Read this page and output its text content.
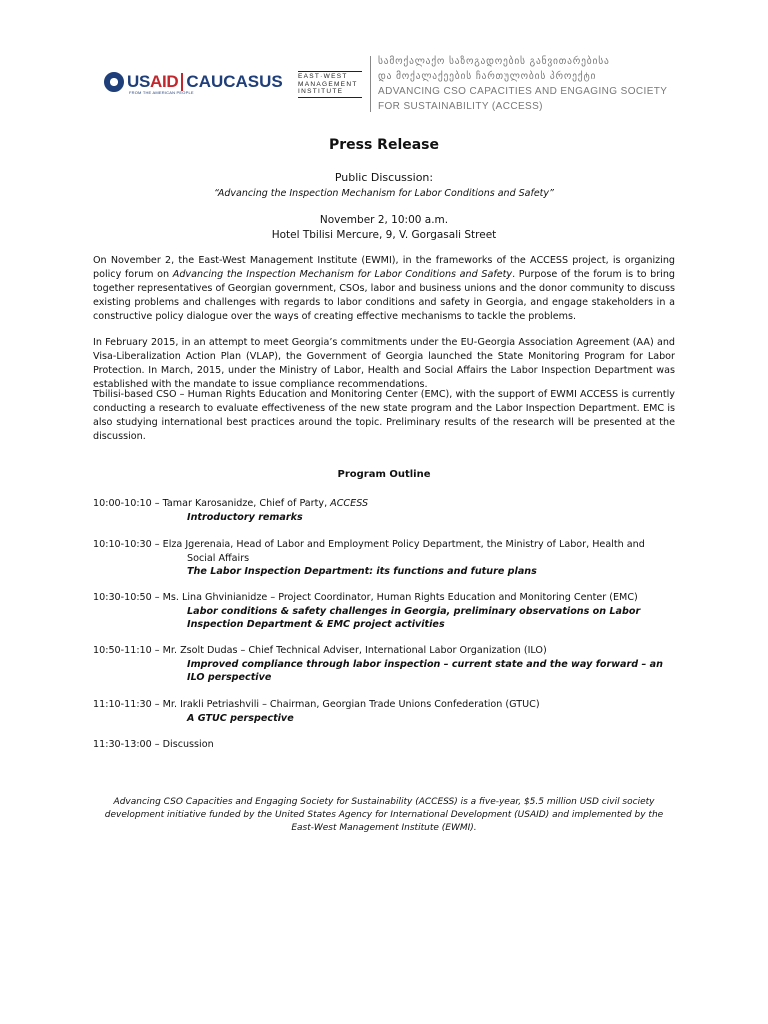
USAID CAUCASUS
FROM THE AMERICAN PEOPLE
EAST·WEST
MANAGEMENT
INSTITUTE
სამოქალაქო საზოგადოების განვითარებისა
და მოქალაქეების ჩართულობის პროექტი
ADVANCING CSO CAPACITIES AND ENGAGING SOCIETY
FOR SUSTAINABILITY (ACCESS)
Press Release
Public Discussion:
“Advancing the Inspection Mechanism for Labor Conditions and Safety”
November 2, 10:00 a.m.
Hotel Tbilisi Mercure, 9, V. Gorgasali Street
On November 2, the East-West Management Institute (EWMI), in the frameworks of the ACCESS project, is organizing policy forum on Advancing the Inspection Mechanism for Labor Conditions and Safety. Purpose of the forum is to bring together representatives of Georgian government, CSOs, labor and business unions and the donor community to discuss existing problems and challenges with regards to labor conditions and safety in Georgia, and engage stakeholders in a constructive policy dialogue over the ways of creating effective mechanisms to tackle the problems.
In February 2015, in an attempt to meet Georgia’s commitments under the EU-Georgia Association Agreement (AA) and Visa-Liberalization Action Plan (VLAP), the Government of Georgia launched the State Monitoring Program for Labor Protection. In March, 2015, under the Ministry of Labor, Health and Social Affairs the Labor Inspection Department was established with the mandate to issue compliance recommendations.
Tbilisi-based CSO – Human Rights Education and Monitoring Center (EMC), with the support of EWMI ACCESS is currently conducting a research to evaluate effectiveness of the new state program and the Labor Inspection Department. EMC is also studying international best practices around the topic. Preliminary results of the research will be presented at the discussion.
Program Outline
10:00-10:10 – Tamar Karosanidze, Chief of Party, ACCESS
Introductory remarks
10:10-10:30 – Elza Jgerenaia, Head of Labor and Employment Policy Department, the Ministry of Labor, Health and
Social Affairs
The Labor Inspection Department: its functions and future plans
10:30-10:50 – Ms. Lina Ghvinianidze – Project Coordinator, Human Rights Education and Monitoring Center (EMC)
Labor conditions & safety challenges in Georgia, preliminary observations on Labor
Inspection Department & EMC project activities
10:50-11:10 – Mr. Zsolt Dudas – Chief Technical Adviser, International Labor Organization (ILO)
Improved compliance through labor inspection – current state and the way forward – an
ILO perspective
11:10-11:30 – Mr. Irakli Petriashvili – Chairman, Georgian Trade Unions Confederation (GTUC)
A GTUC perspective
11:30-13:00 – Discussion
Advancing CSO Capacities and Engaging Society for Sustainability (ACCESS) is a five-year, $5.5 million USD civil society development initiative funded by the United States Agency for International Development (USAID) and implemented by the East-West Management Institute (EWMI).
